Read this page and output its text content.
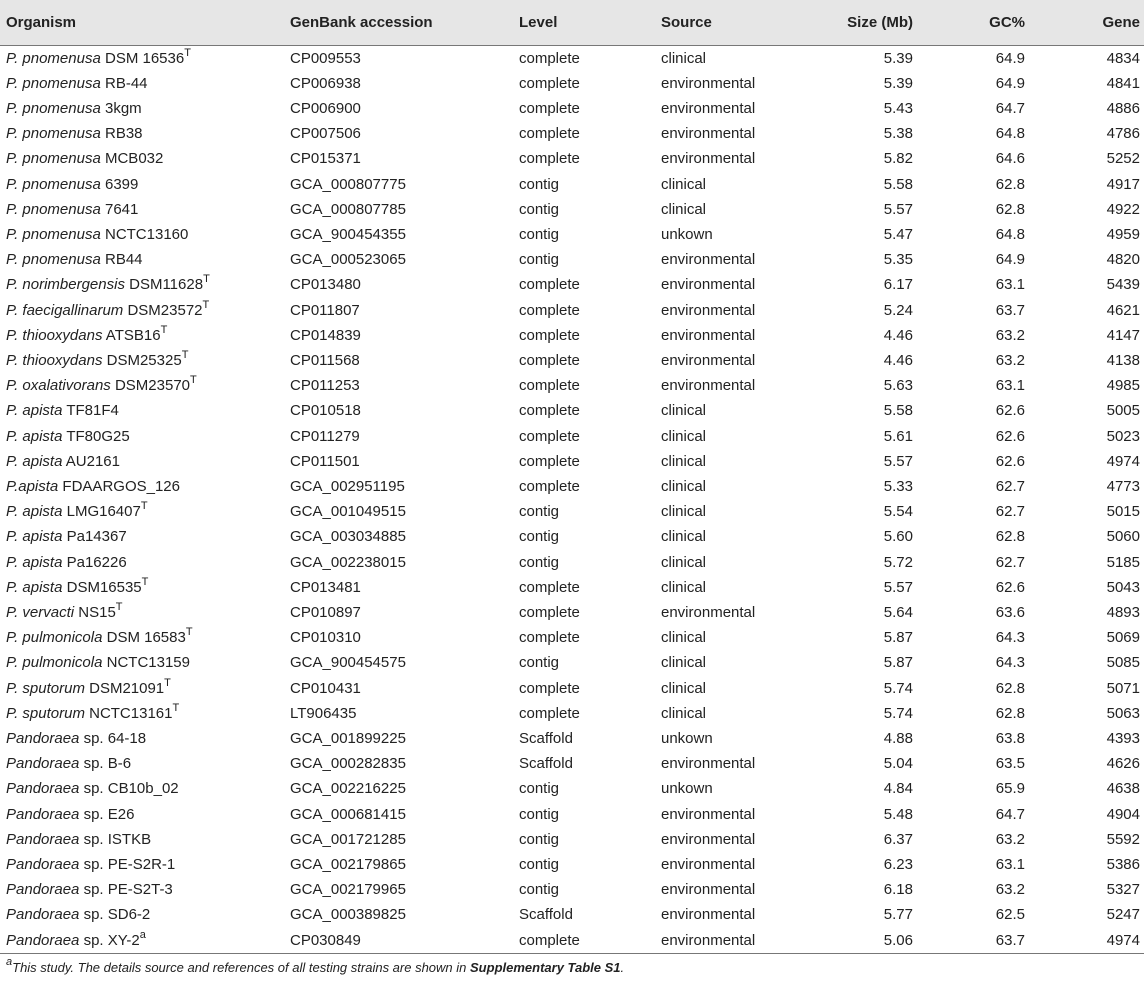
Organism	GenBank accession	Level	Source	Size (Mb)	GC%	Gene
P. pnomenusa DSM $16536^T$	CP009553	complete	clinical	5.39	64.9	4834
P. pnomenusa RB-44	CP006938	complete	environmental	5.39	64.9	4841
P. pnomenusa 3kgm	CP006900	complete	environmental	5.43	64.7	4886
P. pnomenusa RB38	CP007506	complete	environmental	5.38	64.8	4786
P. pnomenusa MCB032	CP015371	complete	environmental	5.82	64.6	5252
P. pnomenusa 6399	GCA_000807775	contig	clinical	5.58	62.8	4917
P. pnomenusa 7641	GCA_000807785	contig	clinical	5.57	62.8	4922
P. pnomenusa NCTC13160	GCA_900454355	contig	unkown	5.47	64.8	4959
P. pnomenusa RB44	GCA_000523065	contig	environmental	5.35	64.9	4820
P. norimbergensis $DSM11628^T$	CP013480	complete	environmental	6.17	63.1	5439
P. faecigallinarum $DSM23572^T$	CP011807	complete	environmental	5.24	63.7	4621
P. thiooxydans $ATSB16^T$	CP014839	complete	environmental	4.46	63.2	4147
P. thiooxydans $DSM25325^T$	CP011568	complete	environmental	4.46	63.2	4138
P. oxalativorans $DSM23570^T$	CP011253	complete	environmental	5.63	63.1	4985
P. apista TF81F4	CP010518	complete	clinical	5.58	62.6	5005
P. apista TF80G25	CP011279	complete	clinical	5.61	62.6	5023
P. apista AU2161	CP011501	complete	clinical	5.57	62.6	4974
P.apista FDAARGOS_126	GCA_002951195	complete	clinical	5.33	62.7	4773
P. apista $LMG16407^T$	GCA_001049515	contig	clinical	5.54	62.7	5015
P. apista Pa14367	GCA_003034885	contig	clinical	5.60	62.8	5060
P. apista Pa16226	GCA_002238015	contig	clinical	5.72	62.7	5185
P. apista $DSM16535^T$	CP013481	complete	clinical	5.57	62.6	5043
P. vervacti $NS15^T$	CP010897	complete	environmental	5.64	63.6	4893
P. pulmonicola DSM $16583^T$	CP010310	complete	clinical	5.87	64.3	5069
P. pulmonicola NCTC13159	GCA_900454575	contig	clinical	5.87	64.3	5085
P. sputorum $DSM21091^T$	CP010431	complete	clinical	5.74	62.8	5071
P. sputorum $NCTC13161^T$	LT906435	complete	clinical	5.74	62.8	5063
Pandoraea sp. 64-18	GCA_001899225	Scaffold	unkown	4.88	63.8	4393
Pandoraea sp. B-6	GCA_000282835	Scaffold	environmental	5.04	63.5	4626
Pandoraea sp. CB10b_02	GCA_002216225	contig	unkown	4.84	65.9	4638
Pandoraea sp. E26	GCA_000681415	contig	environmental	5.48	64.7	4904
Pandoraea sp. ISTKB	GCA_001721285	contig	environmental	6.37	63.2	5592
Pandoraea sp. PE-S2R-1	GCA_002179865	contig	environmental	6.23	63.1	5386
Pandoraea sp. PE-S2T-3	GCA_002179965	contig	environmental	6.18	63.2	5327
Pandoraea sp. SD6-2	GCA_000389825	Scaffold	environmental	5.77	62.5	5247
Pandoraea sp. XY-2$^a$	CP030849	complete	environmental	5.06	63.7	4974
$^a$This study. The details source and references of all testing strains are shown in Supplementary Table S1.
